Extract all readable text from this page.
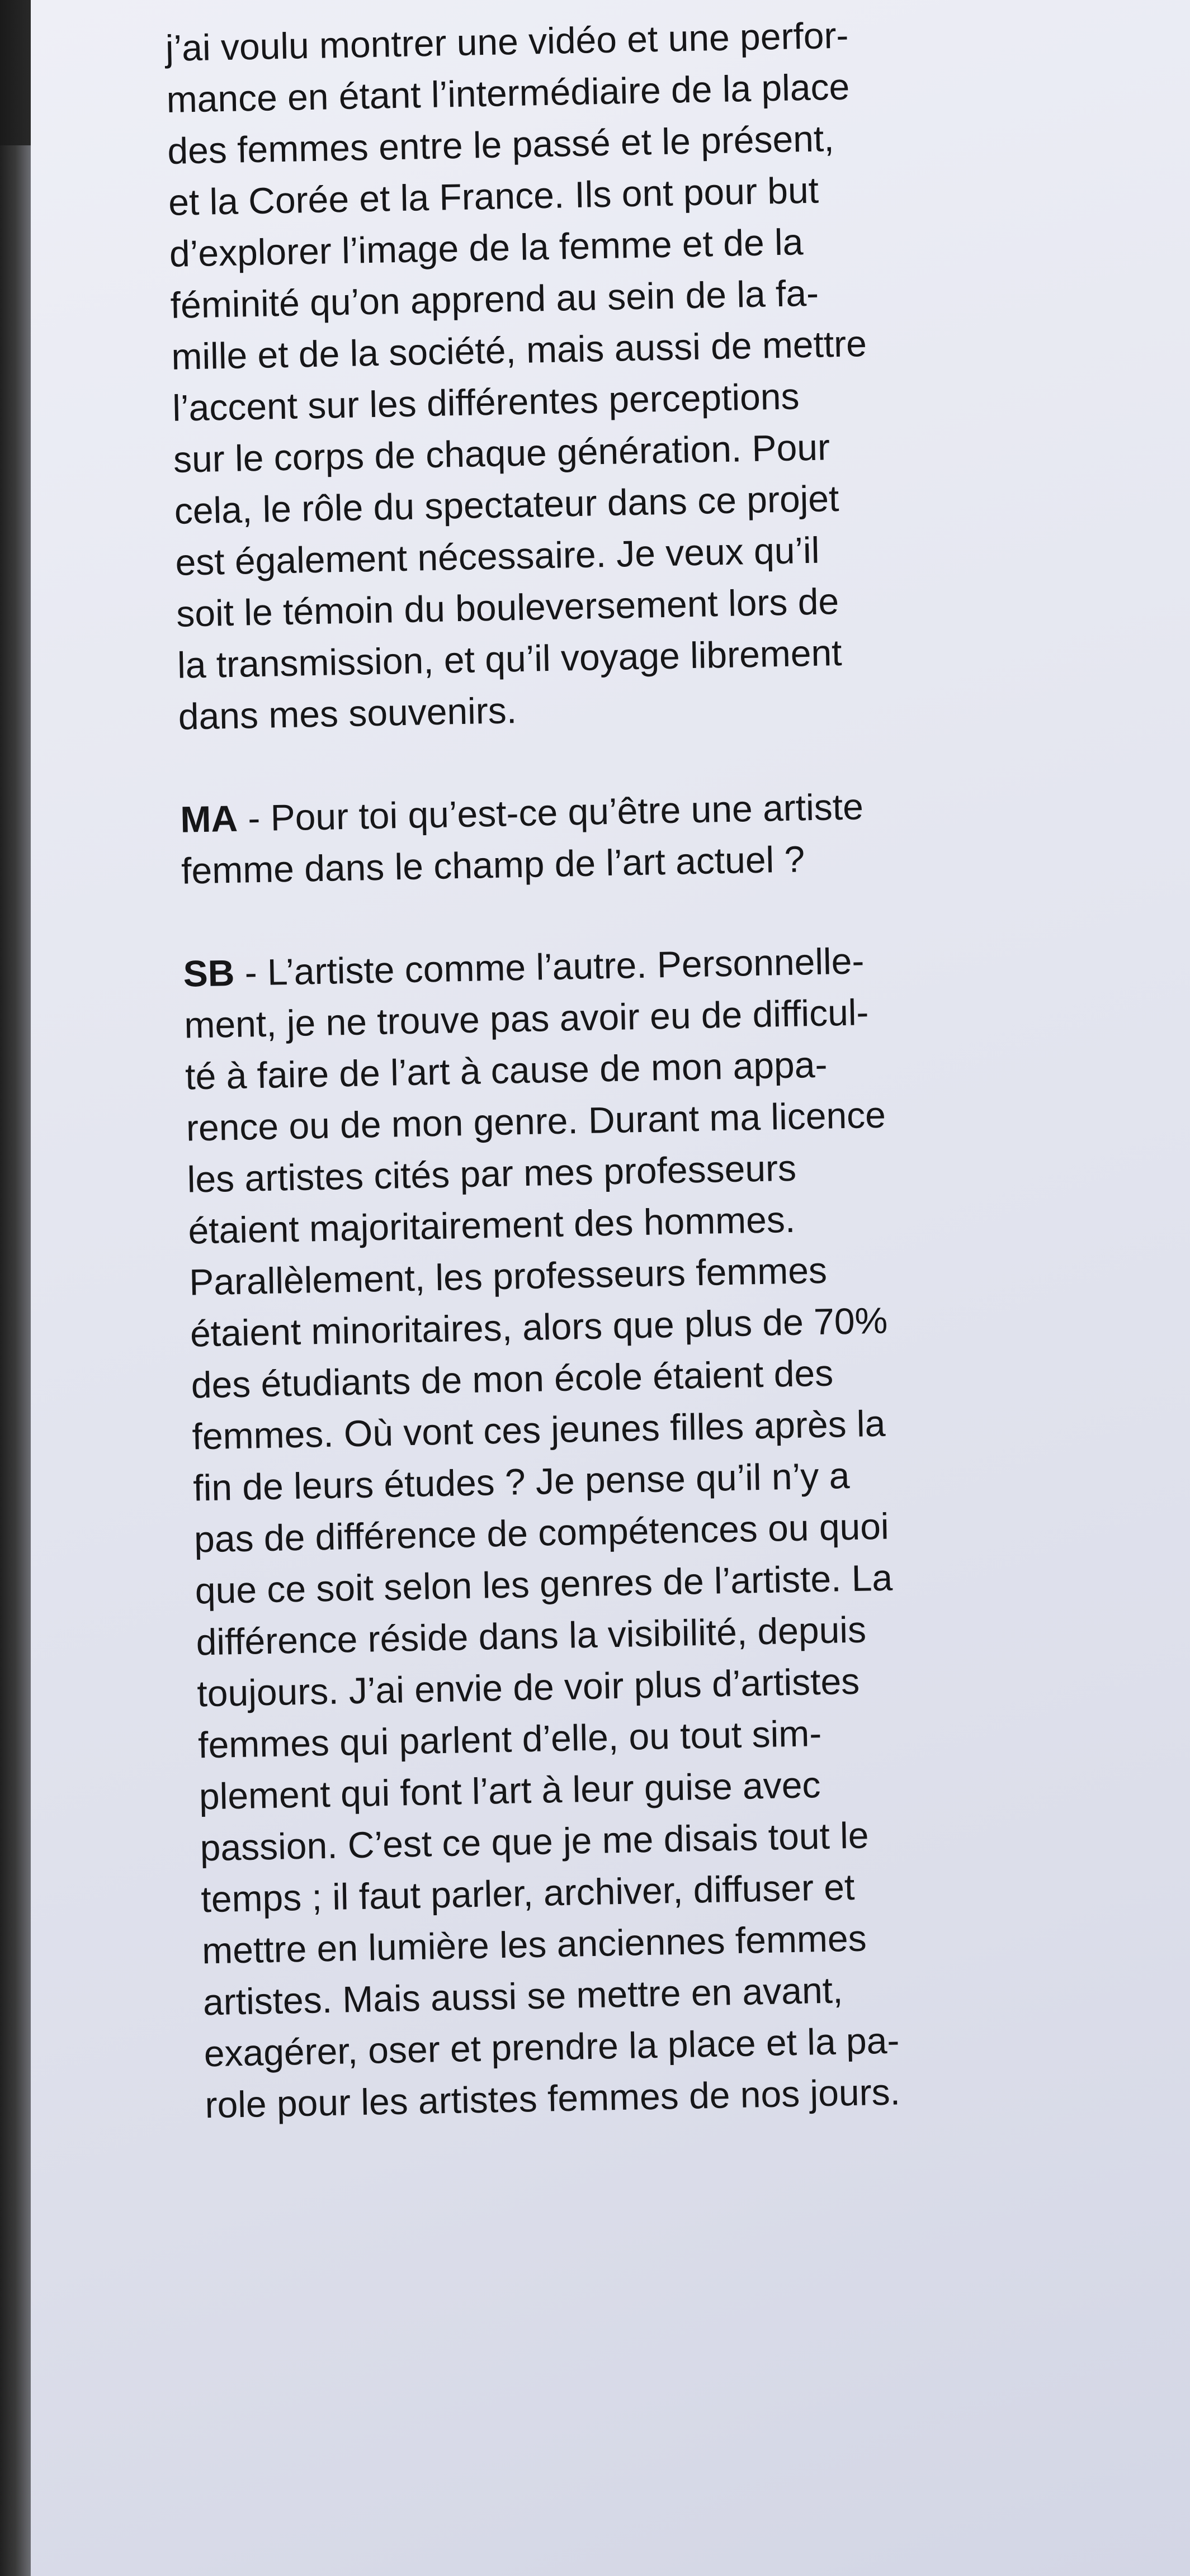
j’ai voulu montrer une vidéo et une perfor-
mance en étant l’intermédiaire de la place
des femmes entre le passé et le présent,
et la Corée et la France. Ils ont pour but
d’explorer l’image de la femme et de la
féminité qu’on apprend au sein de la fa-
mille et de la société, mais aussi de mettre
l’accent sur les différentes perceptions
sur le corps de chaque génération. Pour
cela, le rôle du spectateur dans ce projet
est également nécessaire. Je veux qu’il
soit le témoin du bouleversement lors de
la transmission, et qu’il voyage librement
dans mes souvenirs.
MA - Pour toi qu’est-ce qu’être une artiste
femme dans le champ de l’art actuel ?
SB - L’artiste comme l’autre. Personnelle-
ment, je ne trouve pas avoir eu de difficul-
té à faire de l’art à cause de mon appa-
rence ou de mon genre. Durant ma licence
les artistes cités par mes professeurs
étaient majoritairement des hommes.
Parallèlement, les professeurs femmes
étaient minoritaires, alors que plus de 70%
des étudiants de mon école étaient des
femmes. Où vont ces jeunes filles après la
fin de leurs études ? Je pense qu’il n’y a
pas de différence de compétences ou quoi
que ce soit selon les genres de l’artiste. La
différence réside dans la visibilité, depuis
toujours. J’ai envie de voir plus d’artistes
femmes qui parlent d’elle, ou tout sim-
plement qui font l’art à leur guise avec
passion. C’est ce que je me disais tout le
temps ; il faut parler, archiver, diffuser et
mettre en lumière les anciennes femmes
artistes. Mais aussi se mettre en avant,
exagérer, oser et prendre la place et la pa-
role pour les artistes femmes de nos jours.
